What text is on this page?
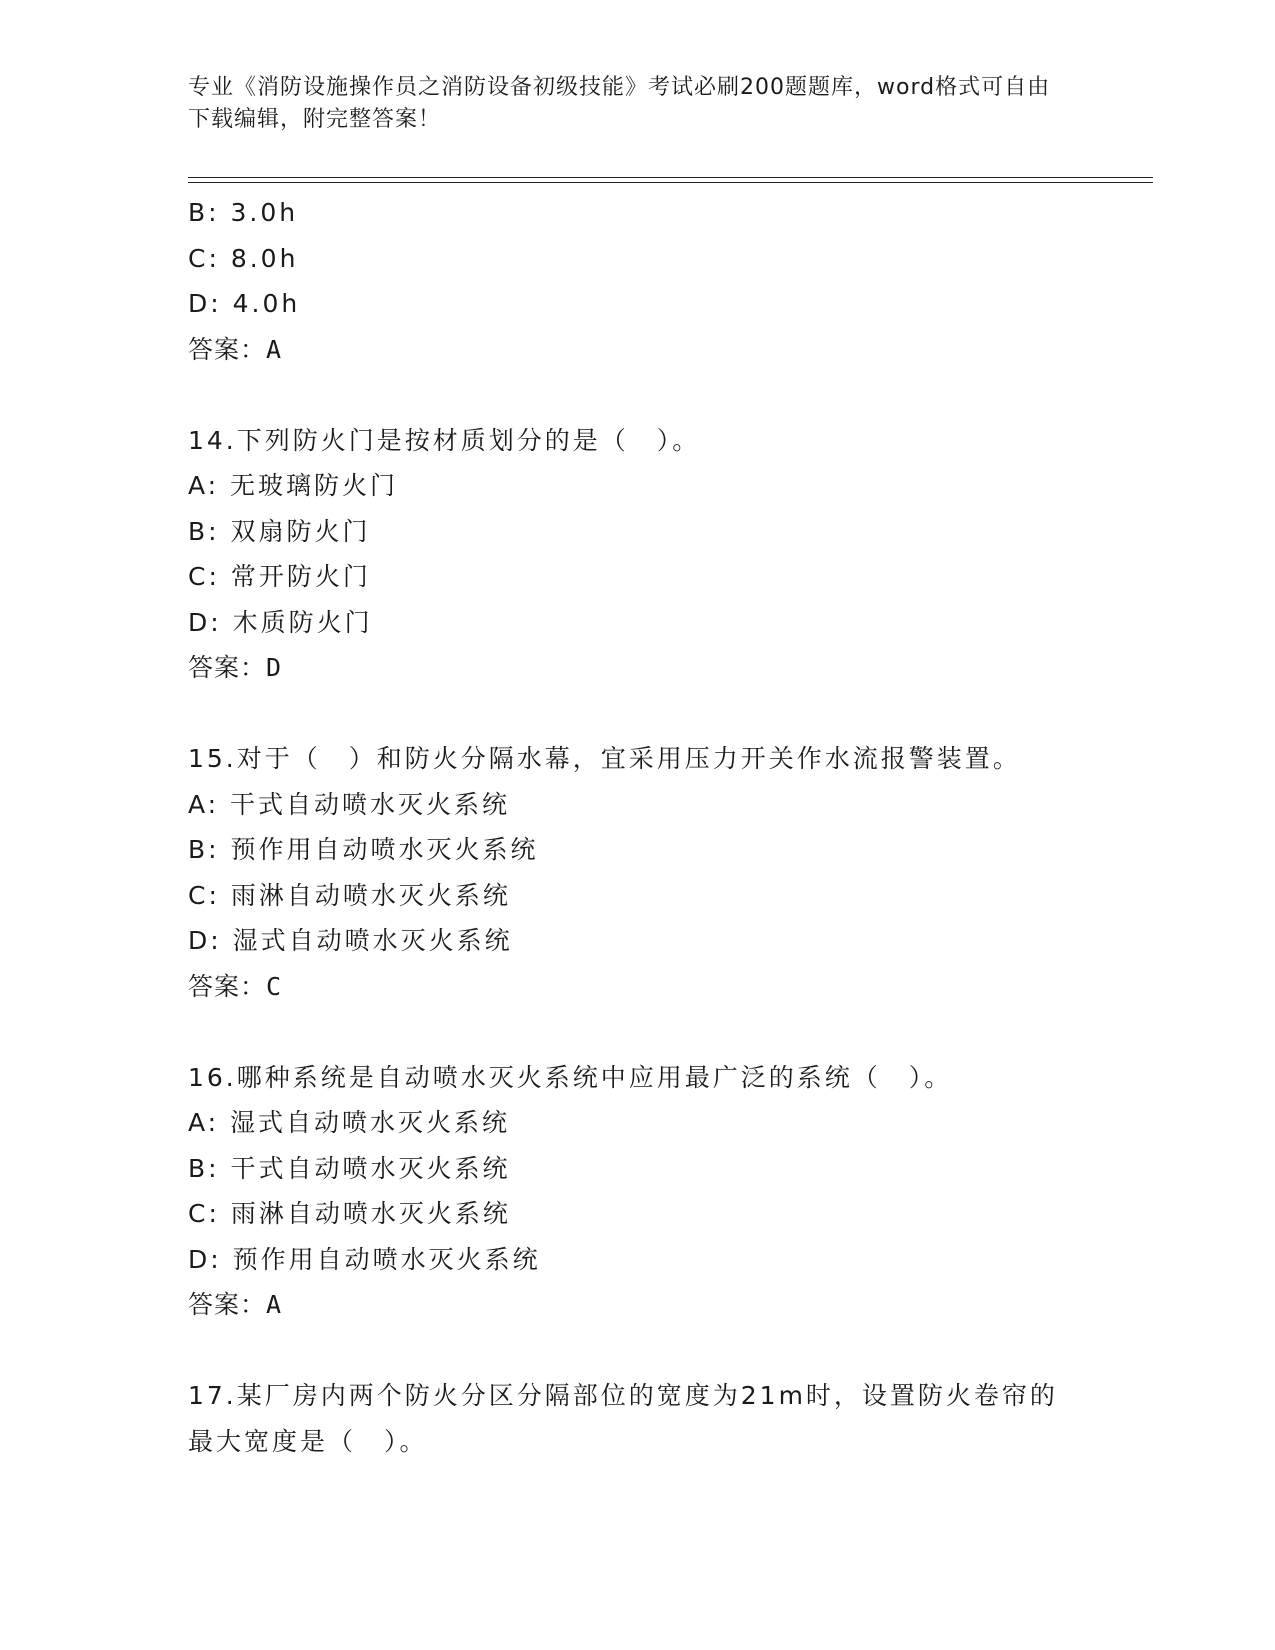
专业《消防设施操作员之消防设备初级技能》考试必刷200题题库，word格式可自由下载编辑，附完整答案！
B: 3.0h
C: 8.0h
D: 4.0h
答案：A
14.下列防火门是按材质划分的是（　）。
A: 无玻璃防火门
B: 双扇防火门
C: 常开防火门
D: 木质防火门
答案：D
15.对于（　）和防火分隔水幕，宜采用压力开关作水流报警装置。
A: 干式自动喷水灭火系统
B: 预作用自动喷水灭火系统
C: 雨淋自动喷水灭火系统
D: 湿式自动喷水灭火系统
答案：C
16.哪种系统是自动喷水灭火系统中应用最广泛的系统（　）。
A: 湿式自动喷水灭火系统
B: 干式自动喷水灭火系统
C: 雨淋自动喷水灭火系统
D: 预作用自动喷水灭火系统
答案：A
17.某厂房内两个防火分区分隔部位的宽度为21m时，设置防火卷帘的
最大宽度是（　）。
